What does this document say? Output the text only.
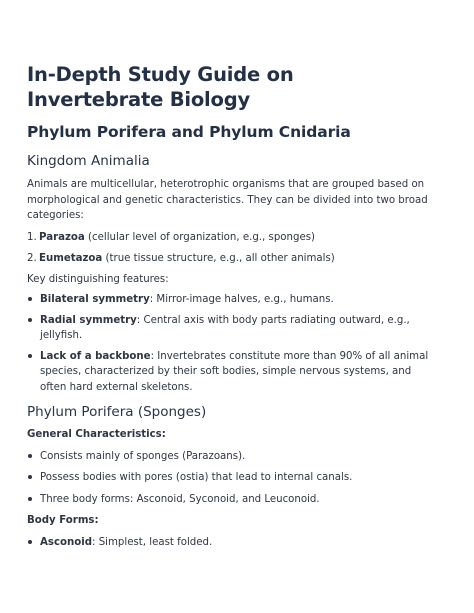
In-Depth Study Guide on Invertebrate Biology
Phylum Porifera and Phylum Cnidaria
Kingdom Animalia

Animals are multicellular, heterotrophic organisms that are grouped based on morphological and genetic characteristics. They can be divided into two broad categories:

1. Parazoa (cellular level of organization, e.g., sponges)
2. Eumetazoa (true tissue structure, e.g., all other animals)

Key distinguishing features:

Bilateral symmetry: Mirror-image halves, e.g., humans.
Radial symmetry: Central axis with body parts radiating outward, e.g., jellyfish.
Lack of a backbone: Invertebrates constitute more than 90% of all animal species, characterized by their soft bodies, simple nervous systems, and often hard external skeletons.
Phylum Porifera (Sponges)

General Characteristics:

Consists mainly of sponges (Parazoans).
Possess bodies with pores (ostia) that lead to internal canals.
Three body forms: Asconoid, Syconoid, and Leuconoid.

Body Forms:

Asconoid: Simplest, least folded.
